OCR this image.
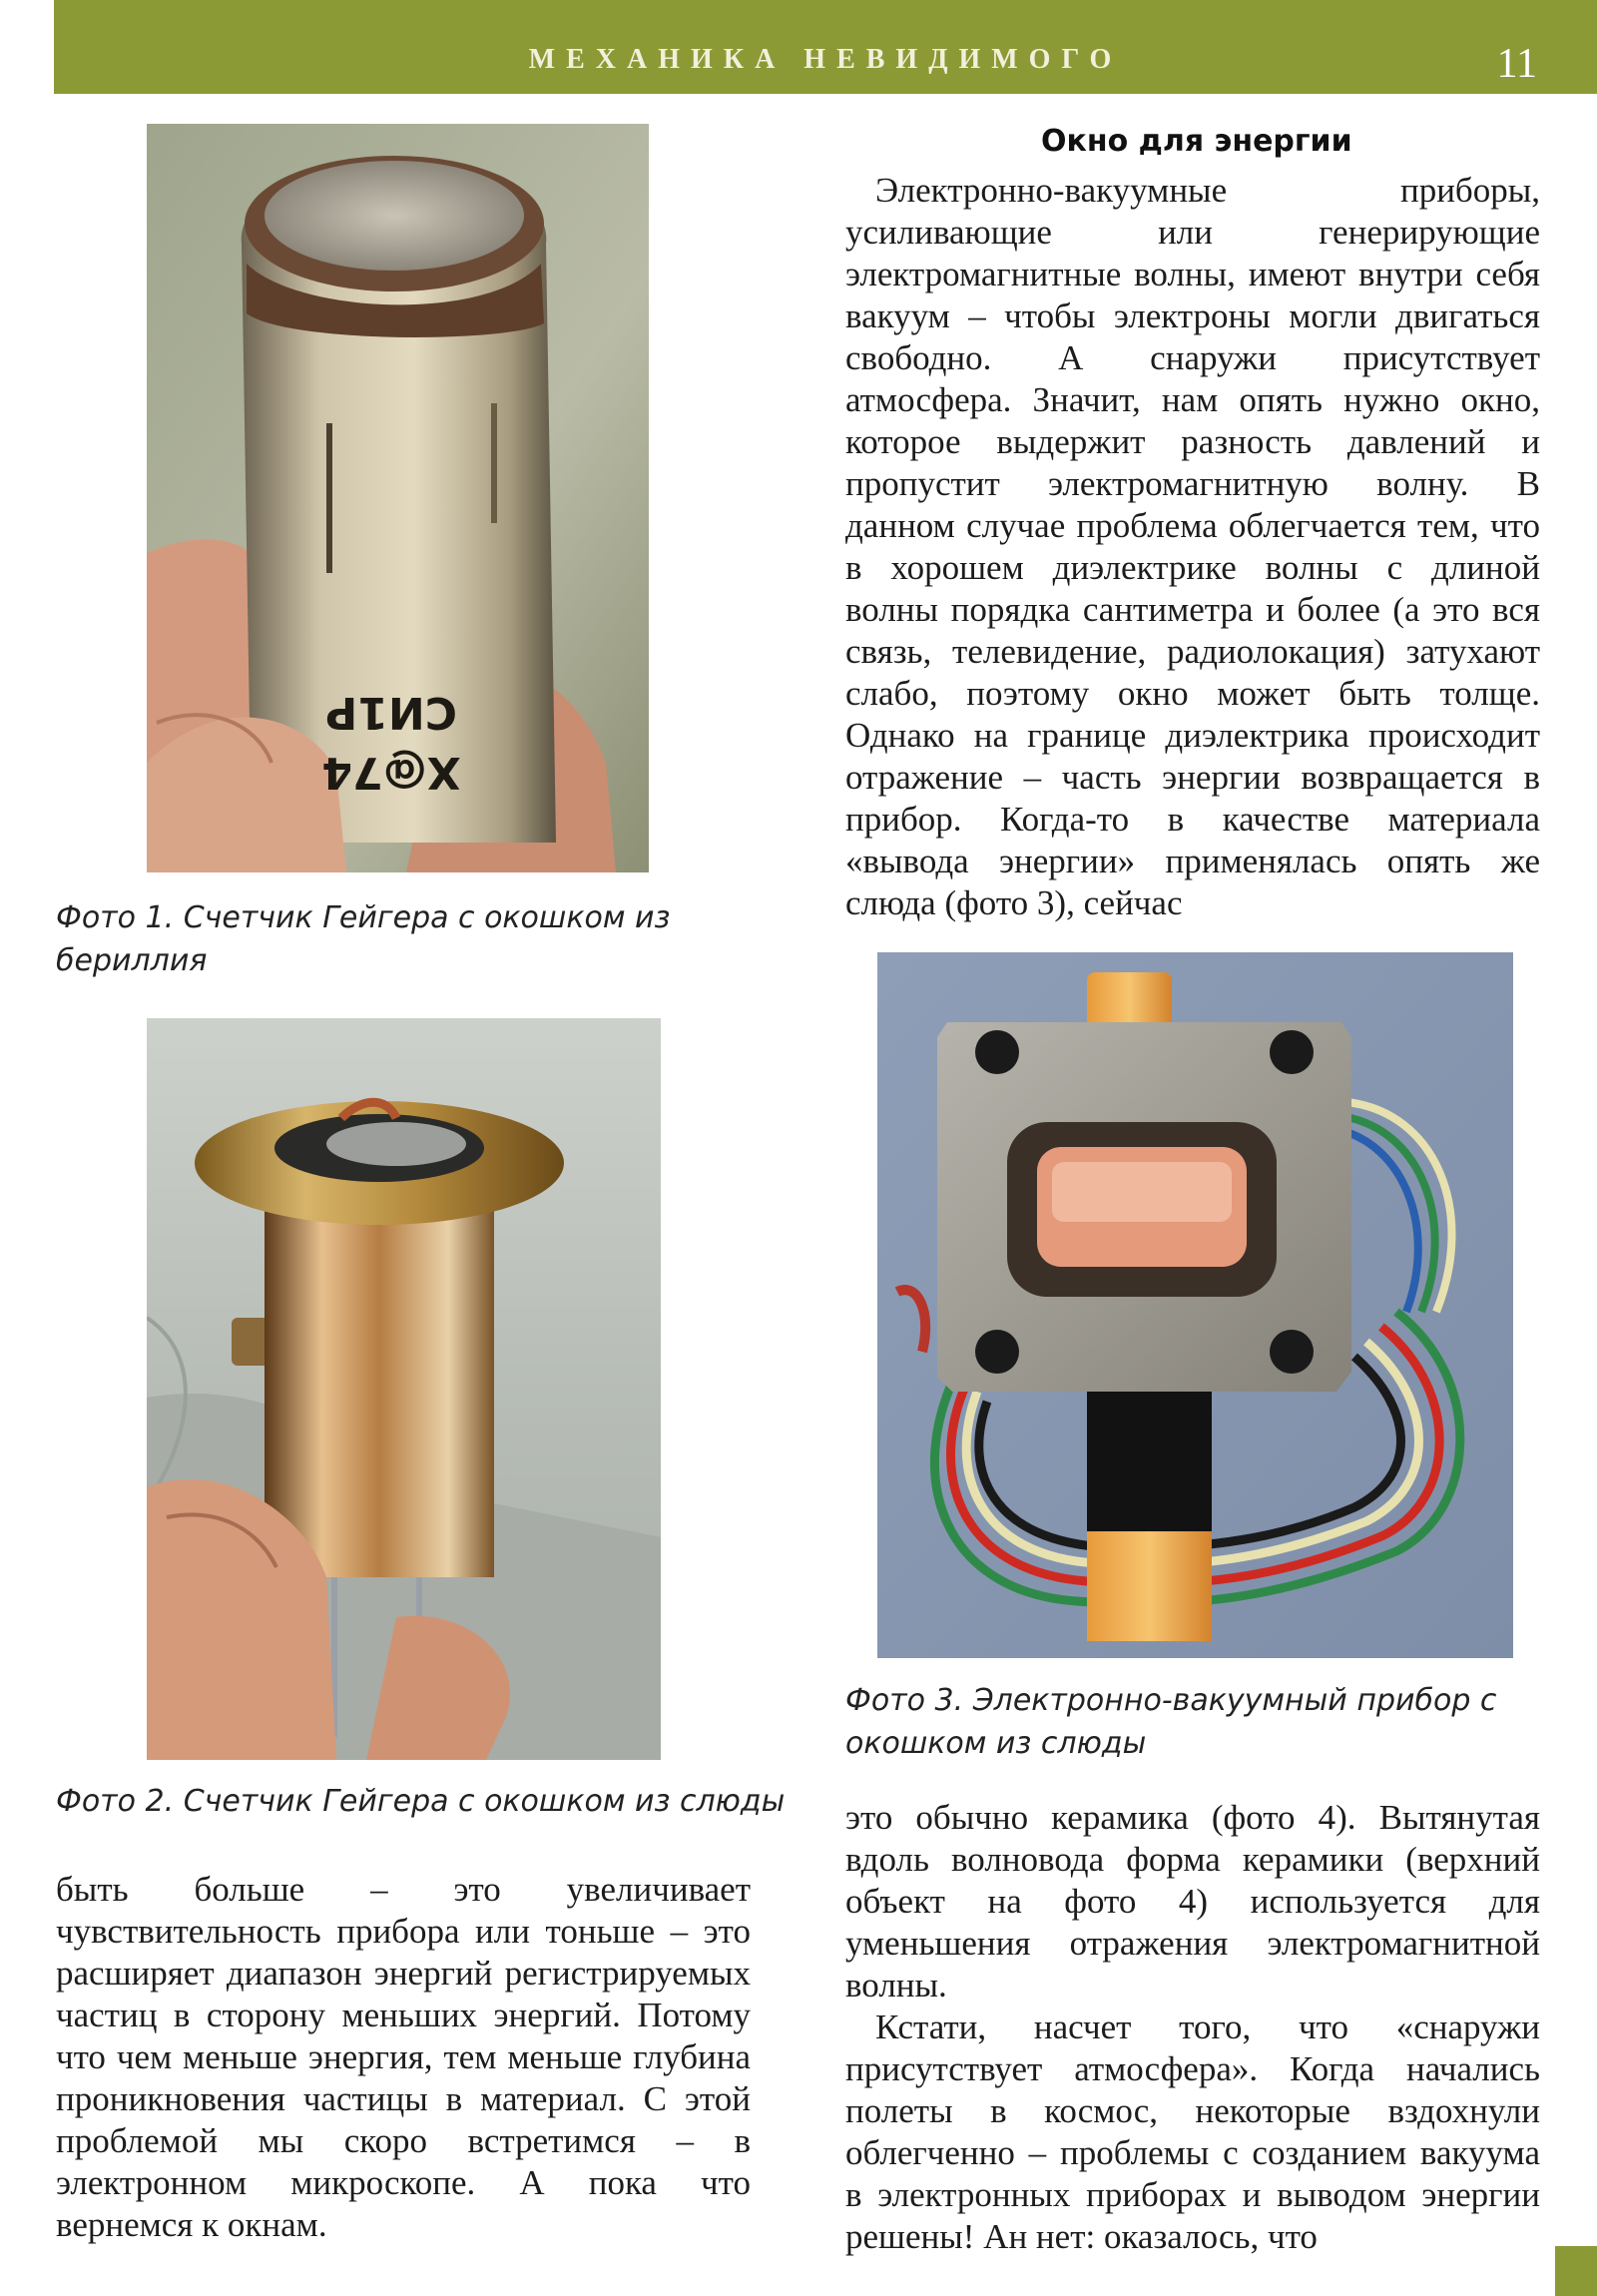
МЕХАНИКА НЕВИДИМОГО	11
СИ1Р
Х@74
Фото 1. Счетчик Гейгера с окошком из бериллия
Фото 2. Счетчик Гейгера с окошком из слюды

быть больше – это увеличивает чувствительность прибора или тоньше – это расширяет диапазон энергий регистрируемых частиц в сторону меньших энергий. Потому что чем меньше энергия, тем меньше глубина проникновения частицы в материал. С этой проблемой мы скоро встретимся – в электронном микроскопе. А пока что вернемся к окнам.

Окно для энергии

Электронно-вакуумные приборы, усиливающие или генерирующие электромагнитные волны, имеют внутри себя вакуум – чтобы электроны могли двигаться свободно. А снаружи присутствует атмосфера. Значит, нам опять нужно окно, которое выдержит разность давлений и пропустит электромагнитную волну. В данном случае проблема облегчается тем, что в хорошем диэлектрике волны с длиной волны порядка сантиметра и более (а это вся связь, телевидение, радиолокация) затухают слабо, поэтому окно может быть толще. Однако на границе диэлектрика происходит отражение – часть энергии возвращается в прибор. Когда-то в качестве материала «вывода энергии» применялась опять же слюда (фото 3), сейчас

Фото 3. Электронно-вакуумный прибор с окошком из слюды

это обычно керамика (фото 4). Вытянутая вдоль волновода форма керамики (верхний объект на фото 4) используется для уменьшения отражения электромагнитной волны.

Кстати, насчет того, что «снаружи присутствует атмосфера». Когда начались полеты в космос, некоторые вздохнули облегченно – проблемы с созданием вакуума в электронных приборах и выводом энергии решены! Ан нет: оказалось, что
